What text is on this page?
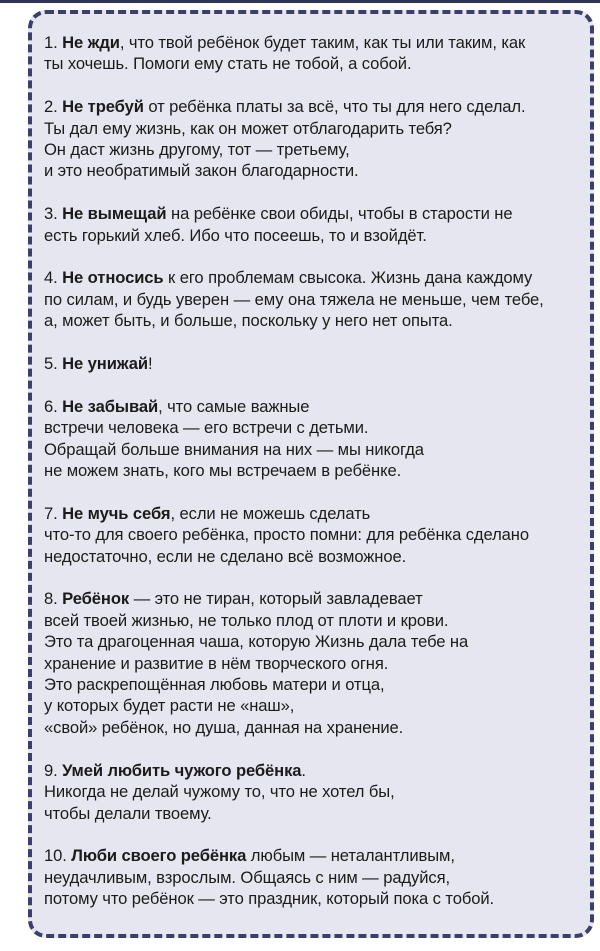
1. Не жди, что твой ребёнок будет таким, как ты или таким, как
ты хочешь. Помоги ему стать не тобой, а собой.
2. Не требуй от ребёнка платы за всё, что ты для него сделал.
Ты дал ему жизнь, как он может отблагодарить тебя?
Он даст жизнь другому, тот — третьему,
и это необратимый закон благодарности.
3. Не вымещай на ребёнке свои обиды, чтобы в старости не
есть горький хлеб. Ибо что посеешь, то и взойдёт.
4. Не относись к его проблемам свысока. Жизнь дана каждому
по силам, и будь уверен — ему она тяжела не меньше, чем тебе,
а, может быть, и больше, поскольку у него нет опыта.
5. Не унижай!
6. Не забывай, что самые важные
встречи человека — его встречи с детьми.
Обращай больше внимания на них — мы никогда
не можем знать, кого мы встречаем в ребёнке.
7. Не мучь себя, если не можешь сделать
что-то для своего ребёнка, просто помни: для ребёнка сделано
недостаточно, если не сделано всё возможное.
8. Ребёнок — это не тиран, который завладевает
всей твоей жизнью, не только плод от плоти и крови.
Это та драгоценная чаша, которую Жизнь дала тебе на
хранение и развитие в нём творческого огня.
Это раскрепощённая любовь матери и отца,
у которых будет расти не «наш»,
«свой» ребёнок, но душа, данная на хранение.
9. Умей любить чужого ребёнка.
Никогда не делай чужому то, что не хотел бы,
чтобы делали твоему.
10. Люби своего ребёнка любым — неталантливым,
неудачливым, взрослым. Общаясь с ним — радуйся,
потому что ребёнок — это праздник, который пока с тобой.
